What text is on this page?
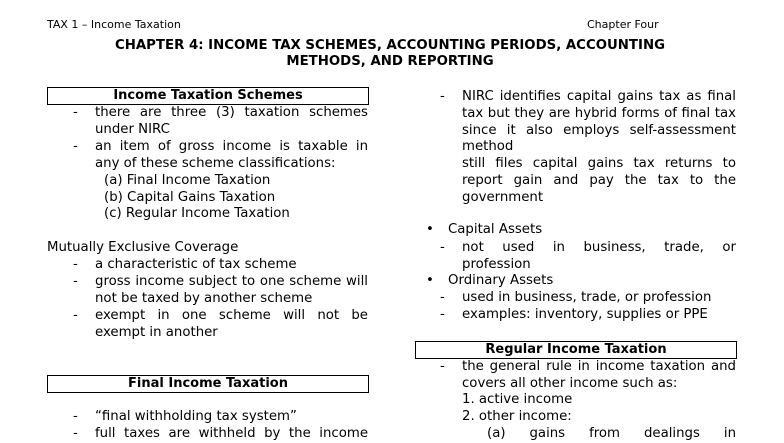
TAX 1 – Income Taxation	Chapter Four
CHAPTER 4: INCOME TAX SCHEMES, ACCOUNTING PERIODS, ACCOUNTING
METHODS, AND REPORTING
Income Taxation Schemes
- there are three (3) taxation schemes under NIRC
- an item of gross income is taxable in any of these scheme classifications:
(a) Final Income Taxation
(b) Capital Gains Taxation
(c) Regular Income Taxation
Mutually Exclusive Coverage
- a characteristic of tax scheme
- gross income subject to one scheme will not be taxed by another scheme
- exempt in one scheme will not be exempt in another
Final Income Taxation
- “final withholding tax system”
- full taxes are withheld by the income
- NIRC identifies capital gains tax as final tax but they are hybrid forms of final tax since it also employs self-assessment method
still files capital gains tax returns to report gain and pay the tax to the government
• Capital Assets
- not used in business, trade, or profession
• Ordinary Assets
- used in business, trade, or profession
- examples: inventory, supplies or PPE
Regular Income Taxation
- the general rule in income taxation and covers all other income such as:
1. active income
2. other income:
(a) gains from dealings in
